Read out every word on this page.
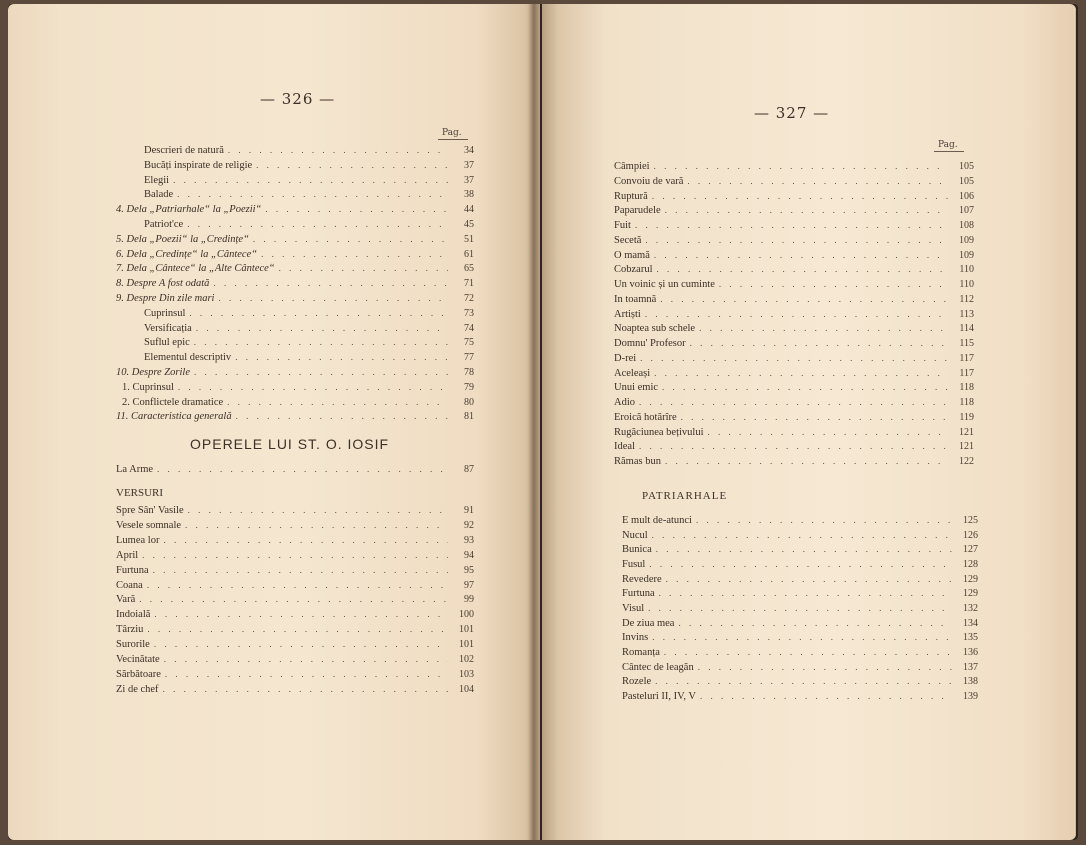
— 326 —
Pag.
Descrieri de natură . . .	34
Bucăți inspirate de religie . . .	37
Elegii . . .	37
Balade . . .	38
4. Dela „Patriarhale“ la „Poezii“ . . .	44
Patriot'ce . . .	45
5. Dela „Poezii“ la „Credințe“ . . .	51
6. Dela „Credințe“ la „Cântece“ . . .	61
7. Dela „Cântece“ la „Alte Cântece“ . . .	65
8. Despre A fost odată . . .	71
9. Despre Din zile mari . . .	72
Cuprinsul . . .	73
Versificația . . .	74
Suflul epic . . .	75
Elementul descriptiv . . .	77
10. Despre Zorile . . .	78
1. Cuprinsul . . .	79
2. Conflictele dramatice . . .	80
11. Caracteristica generală . . .	81
OPERELE LUI ST. O. IOSIF
La Arme . . .	87
VERSURI
Spre Sân' Vasile . . .	91
Vesele somnale . . .	92
Lumea lor . . .	93
April . . .	94
Furtuna . . .	95
Coana . . .	97
Vară . . .	99
Indoială . . .	100
Târziu . . .	101
Surorile . . .	101
Vecinătate . . .	102
Sărbătoare . . .	103
Zi de chef . . .	104
— 327 —
Pag.
Câmpiei . . .	105
Convoiu de vară . . .	105
Ruptură . . .	106
Paparudele . . .	107
Fuit . . .	108
Secetă . . .	109
O mamă . . .	109
Cobzarul . . .	110
Un voinic și un cuminte . . .	110
In toamnă . . .	112
Artiști . . .	113
Noaptea sub schele . . .	114
Domnu' Profesor . . .	115
D-rei . . .	117
Aceleași . . .	117
Unui emic . . .	118
Adio . . .	118
Eroică hotărîre . . .	119
Rugăciunea bețivului . . .	121
Ideal . . .	121
Rămas bun . . .	122
PATRIARHALE
E mult de-atunci . . .	125
Nucul . . .	126
Bunica . . .	127
Fusul . . .	128
Revedere . . .	129
Furtuna . . .	129
Visul . . .	132
De ziua mea . . .	134
Invins . . .	135
Romanța . . .	136
Cântec de leagăn . . .	137
Rozele . . .	138
Pasteluri II, IV, V . . .	139
